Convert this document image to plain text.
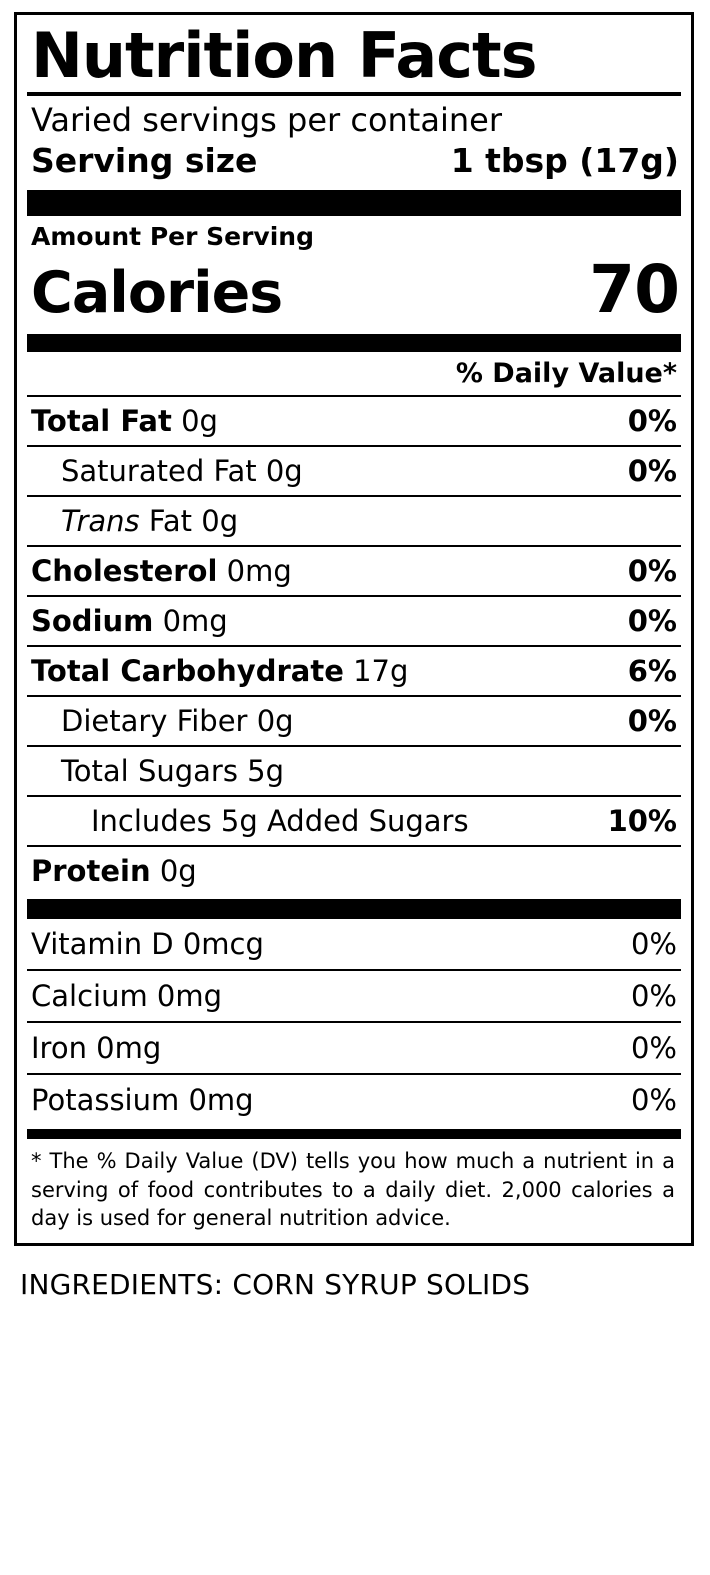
Nutrition Facts
Varied servings per container
Serving size	1 tbsp (17g)
Amount Per Serving
Calories	70
% Daily Value*
Total Fat 0g	0%
Saturated Fat 0g	0%
Trans Fat 0g
Cholesterol 0mg	0%
Sodium 0mg	0%
Total Carbohydrate 17g	6%
Dietary Fiber 0g	0%
Total Sugars 5g
Includes 5g Added Sugars	10%
Protein 0g
Vitamin D 0mcg	0%
Calcium 0mg	0%
Iron 0mg	0%
Potassium 0mg	0%
* The % Daily Value (DV) tells you how much a nutrient in a serving of food contributes to a daily diet. 2,000 calories a day is used for general nutrition advice.
INGREDIENTS: CORN SYRUP SOLIDS
